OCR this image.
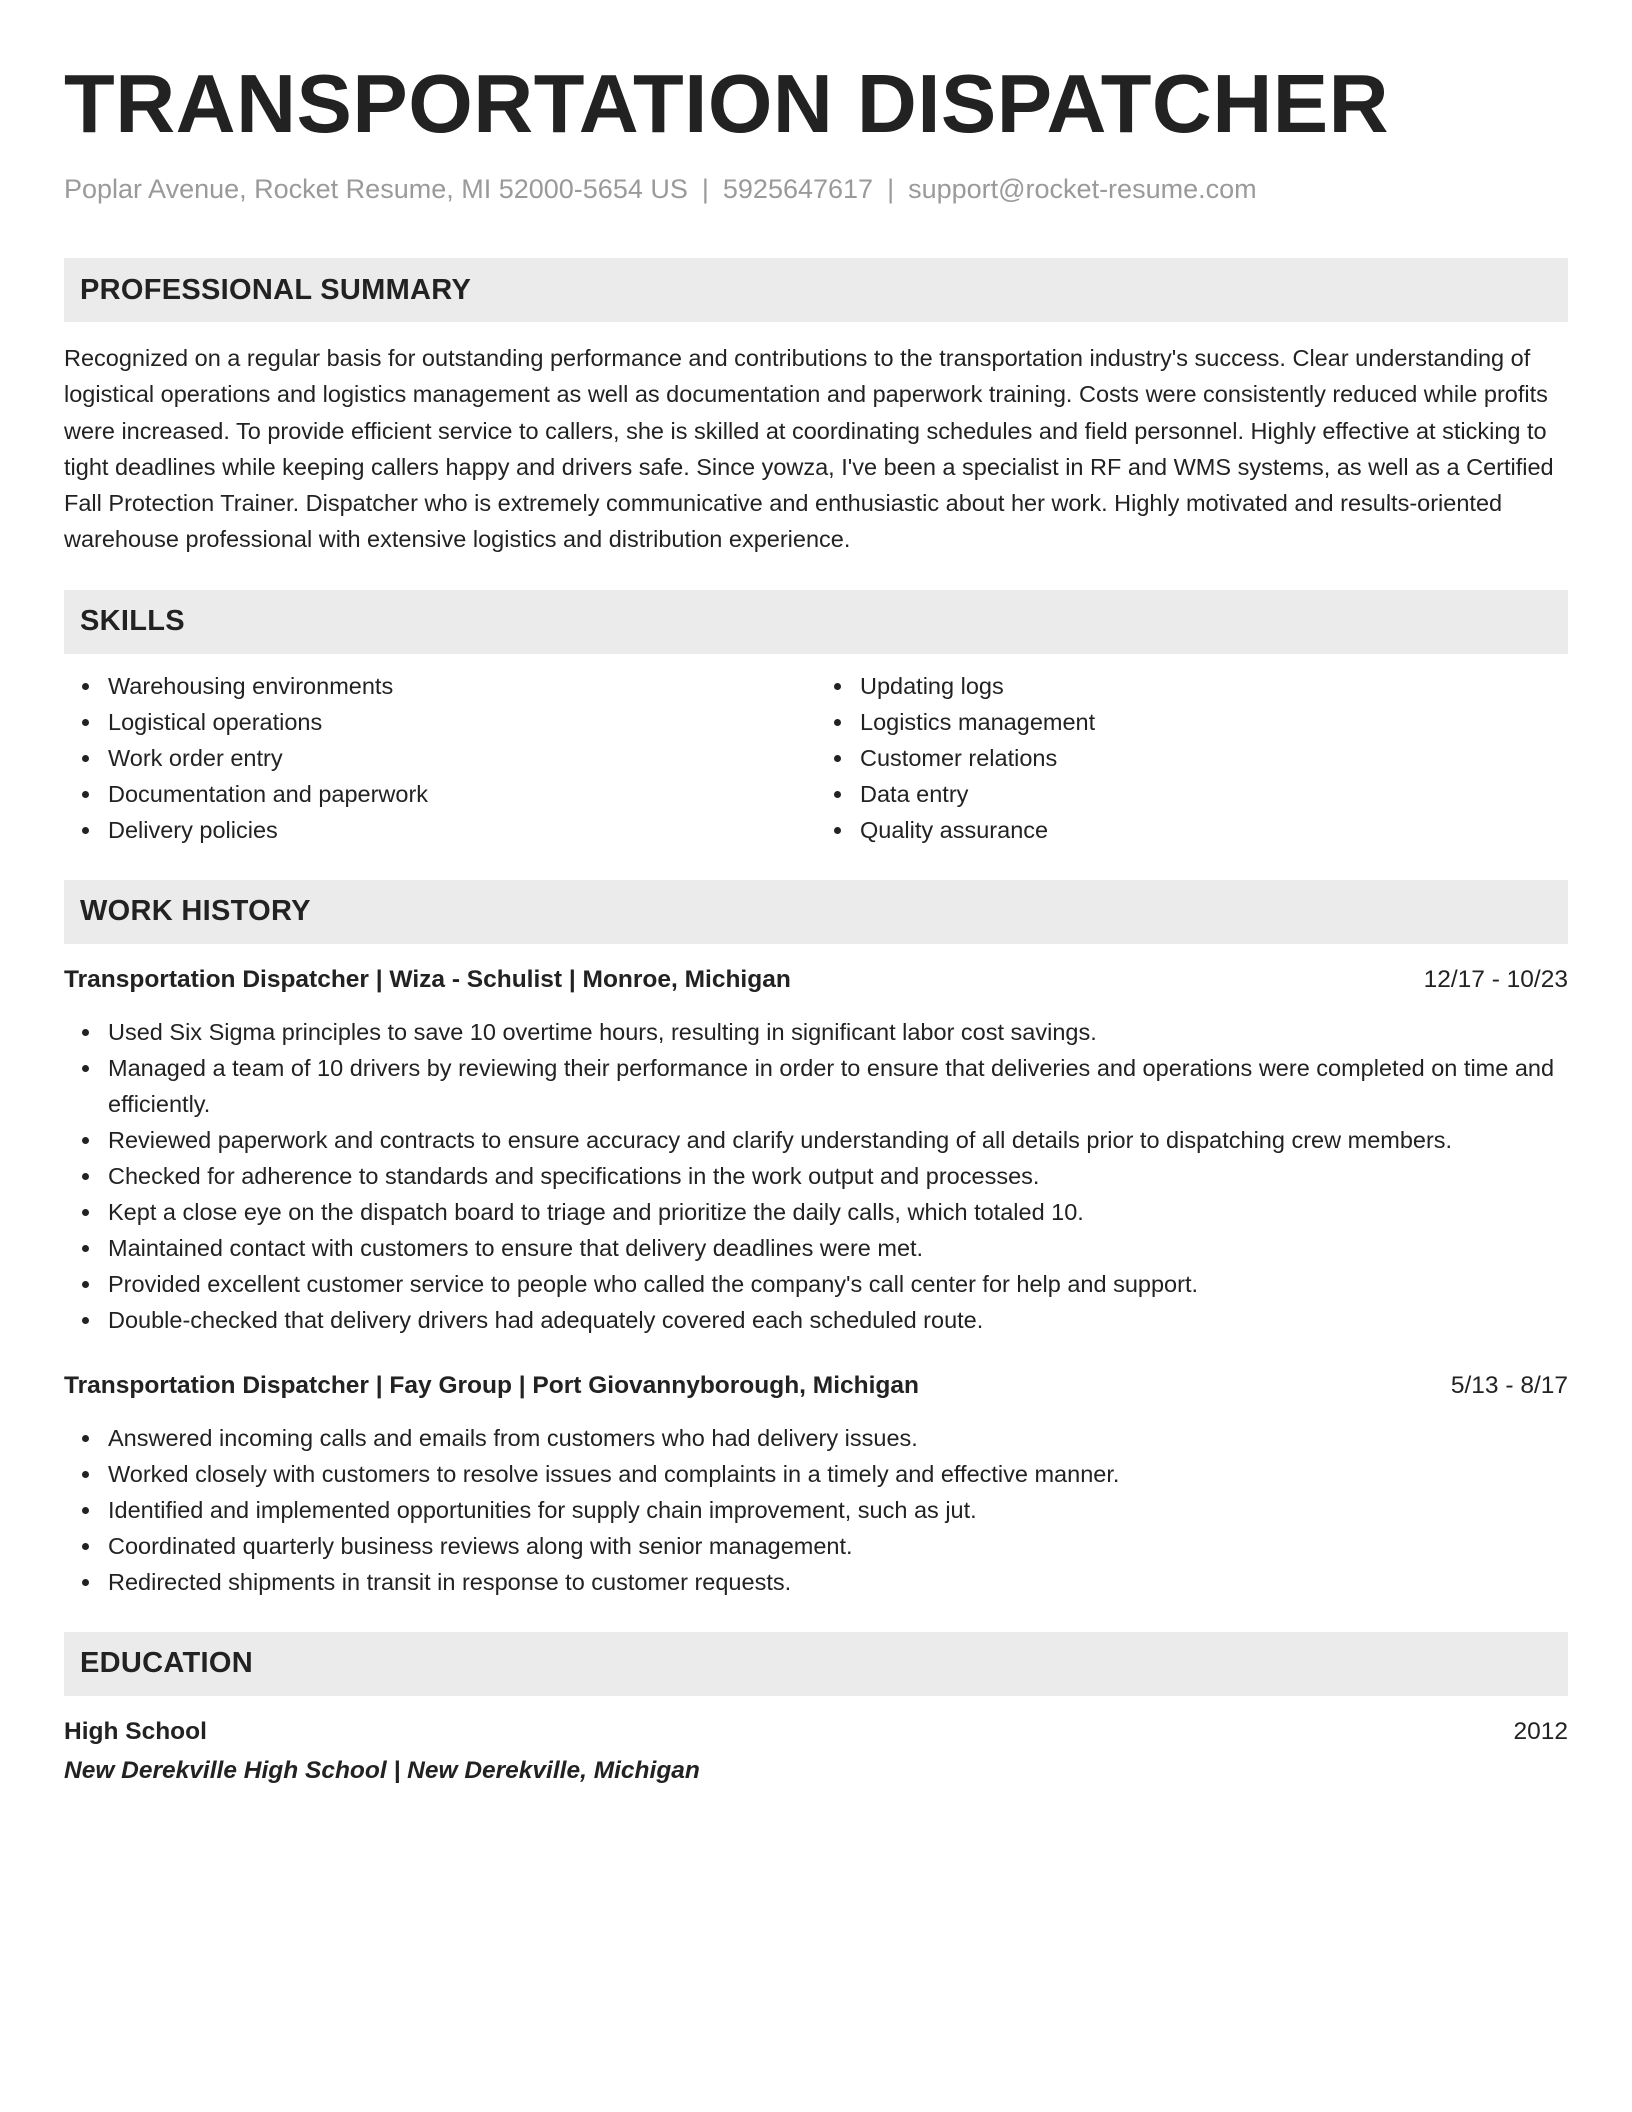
TRANSPORTATION DISPATCHER
Poplar Avenue, Rocket Resume, MI 52000-5654 US | 5925647617 | support@rocket-resume.com
PROFESSIONAL SUMMARY

Recognized on a regular basis for outstanding performance and contributions to the transportation industry's success. Clear understanding of logistical operations and logistics management as well as documentation and paperwork training. Costs were consistently reduced while profits were increased. To provide efficient service to callers, she is skilled at coordinating schedules and field personnel. Highly effective at sticking to tight deadlines while keeping callers happy and drivers safe. Since yowza, I've been a specialist in RF and WMS systems, as well as a Certified Fall Protection Trainer. Dispatcher who is extremely communicative and enthusiastic about her work. Highly motivated and results-oriented warehouse professional with extensive logistics and distribution experience.

SKILLS
Warehousing environments
Logistical operations
Work order entry
Documentation and paperwork
Delivery policies
Updating logs
Logistics management
Customer relations
Data entry
Quality assurance
WORK HISTORY
Transportation Dispatcher | Wiza - Schulist | Monroe, Michigan	12/17 - 10/23
Used Six Sigma principles to save 10 overtime hours, resulting in significant labor cost savings.
Managed a team of 10 drivers by reviewing their performance in order to ensure that deliveries and operations were completed on time and efficiently.
Reviewed paperwork and contracts to ensure accuracy and clarify understanding of all details prior to dispatching crew members.
Checked for adherence to standards and specifications in the work output and processes.
Kept a close eye on the dispatch board to triage and prioritize the daily calls, which totaled 10.
Maintained contact with customers to ensure that delivery deadlines were met.
Provided excellent customer service to people who called the company's call center for help and support.
Double-checked that delivery drivers had adequately covered each scheduled route.
Transportation Dispatcher | Fay Group | Port Giovannyborough, Michigan	5/13 - 8/17
Answered incoming calls and emails from customers who had delivery issues.
Worked closely with customers to resolve issues and complaints in a timely and effective manner.
Identified and implemented opportunities for supply chain improvement, such as jut.
Coordinated quarterly business reviews along with senior management.
Redirected shipments in transit in response to customer requests.
EDUCATION
High School	2012
New Derekville High School | New Derekville, Michigan
